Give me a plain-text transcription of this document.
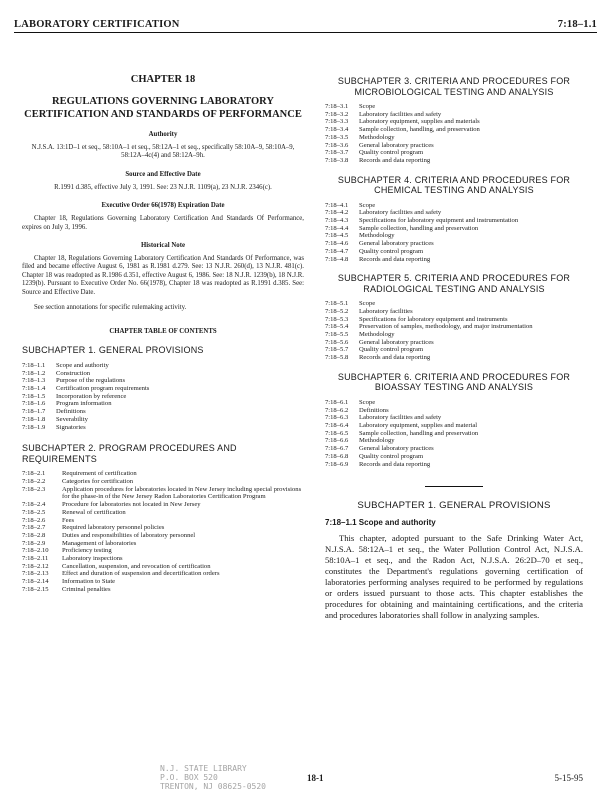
LABORATORY CERTIFICATION	7:18–1.1
CHAPTER 18
REGULATIONS GOVERNING LABORATORY CERTIFICATION AND STANDARDS OF PERFORMANCE
Authority
N.J.S.A. 13:1D–1 et seq., 58:10A–1 et seq., 58:12A–1 et seq., specifically 58:10A–9, 58:10A–9, 58:12A–4c(4) and 58:12A–9h.
Source and Effective Date
R.1991 d.385, effective July 3, 1991. See: 23 N.J.R. 1109(a), 23 N.J.R. 2346(c).
Executive Order 66(1978) Expiration Date
Chapter 18, Regulations Governing Laboratory Certification And Standards Of Performance, expires on July 3, 1996.
Historical Note
Chapter 18, Regulations Governing Laboratory Certification And Standards Of Performance, was filed and became effective August 6, 1981 as R.1981 d.279. See: 13 N.J.R. 260(d), 13 N.J.R. 481(c). Chapter 18 was readopted as R.1986 d.351, effective August 6, 1986. See: 18 N.J.R. 1239(b), 18 N.J.R. 1239(b). Pursuant to Executive Order No. 66(1978), Chapter 18 was readopted as R.1991 d.385. See: Source and Effective Date.
See section annotations for specific rulemaking activity.
CHAPTER TABLE OF CONTENTS
SUBCHAPTER 1. GENERAL PROVISIONS
7:18–1.1	Scope and authority
7:18–1.2	Construction
7:18–1.3	Purpose of the regulations
7:18–1.4	Certification program requirements
7:18–1.5	Incorporation by reference
7:18–1.6	Program information
7:18–1.7	Definitions
7:18–1.8	Severability
7:18–1.9	Signatories
SUBCHAPTER 2. PROGRAM PROCEDURES AND REQUIREMENTS
7:18–2.1	Requirement of certification
7:18–2.2	Categories for certification
7:18–2.3	Application procedures for laboratories located in New Jersey including special provisions for the phase-in of the New Jersey Radon Laboratories Certification Program
7:18–2.4	Procedure for laboratories not located in New Jersey
7:18–2.5	Renewal of certification
7:18–2.6	Fees
7:18–2.7	Required laboratory personnel policies
7:18–2.8	Duties and responsibilities of laboratory personnel
7:18–2.9	Management of laboratories
7:18–2.10	Proficiency testing
7:18–2.11	Laboratory inspections
7:18–2.12	Cancellation, suspension, and revocation of certification
7:18–2.13	Effect and duration of suspension and decertification orders
7:18–2.14	Information to State
7:18–2.15	Criminal penalties
SUBCHAPTER 3. CRITERIA AND PROCEDURES FOR MICROBIOLOGICAL TESTING AND ANALYSIS
7:18–3.1	Scope
7:18–3.2	Laboratory facilities and safety
7:18–3.3	Laboratory equipment, supplies and materials
7:18–3.4	Sample collection, handling, and preservation
7:18–3.5	Methodology
7:18–3.6	General laboratory practices
7:18–3.7	Quality control program
7:18–3.8	Records and data reporting
SUBCHAPTER 4. CRITERIA AND PROCEDURES FOR CHEMICAL TESTING AND ANALYSIS
7:18–4.1	Scope
7:18–4.2	Laboratory facilities and safety
7:18–4.3	Specifications for laboratory equipment and instrumentation
7:18–4.4	Sample collection, handling and preservation
7:18–4.5	Methodology
7:18–4.6	General laboratory practices
7:18–4.7	Quality control program
7:18–4.8	Records and data reporting
SUBCHAPTER 5. CRITERIA AND PROCEDURES FOR RADIOLOGICAL TESTING AND ANALYSIS
7:18–5.1	Scope
7:18–5.2	Laboratory facilities
7:18–5.3	Specifications for laboratory equipment and instruments
7:18–5.4	Preservation of samples, methodology, and major instrumentation
7:18–5.5	Methodology
7:18–5.6	General laboratory practices
7:18–5.7	Quality control program
7:18–5.8	Records and data reporting
SUBCHAPTER 6. CRITERIA AND PROCEDURES FOR BIOASSAY TESTING AND ANALYSIS
7:18–6.1	Scope
7:18–6.2	Definitions
7:18–6.3	Laboratory facilities and safety
7:18–6.4	Laboratory equipment, supplies and material
7:18–6.5	Sample collection, handling and preservation
7:18–6.6	Methodology
7:18–6.7	General laboratory practices
7:18–6.8	Quality control program
7:18–6.9	Records and data reporting
SUBCHAPTER 1. GENERAL PROVISIONS
7:18–1.1 Scope and authority
This chapter, adopted pursuant to the Safe Drinking Water Act, N.J.S.A. 58:12A–1 et seq., the Water Pollution Control Act, N.J.S.A. 58:10A–1 et seq., and the Radon Act, N.J.S.A. 26:2D–70 et seq., constitutes the Department's regulations governing certification of laboratories performing analyses required to be performed by regulations or orders issued pursuant to those acts. This chapter establishes the procedures for obtaining and maintaining certifications, and the criteria and procedures laboratories shall follow in analyzing samples.
N.J. STATE LIBRARY
P.O. BOX 520
TRENTON, NJ 08625-0520
18-1	5-15-95
